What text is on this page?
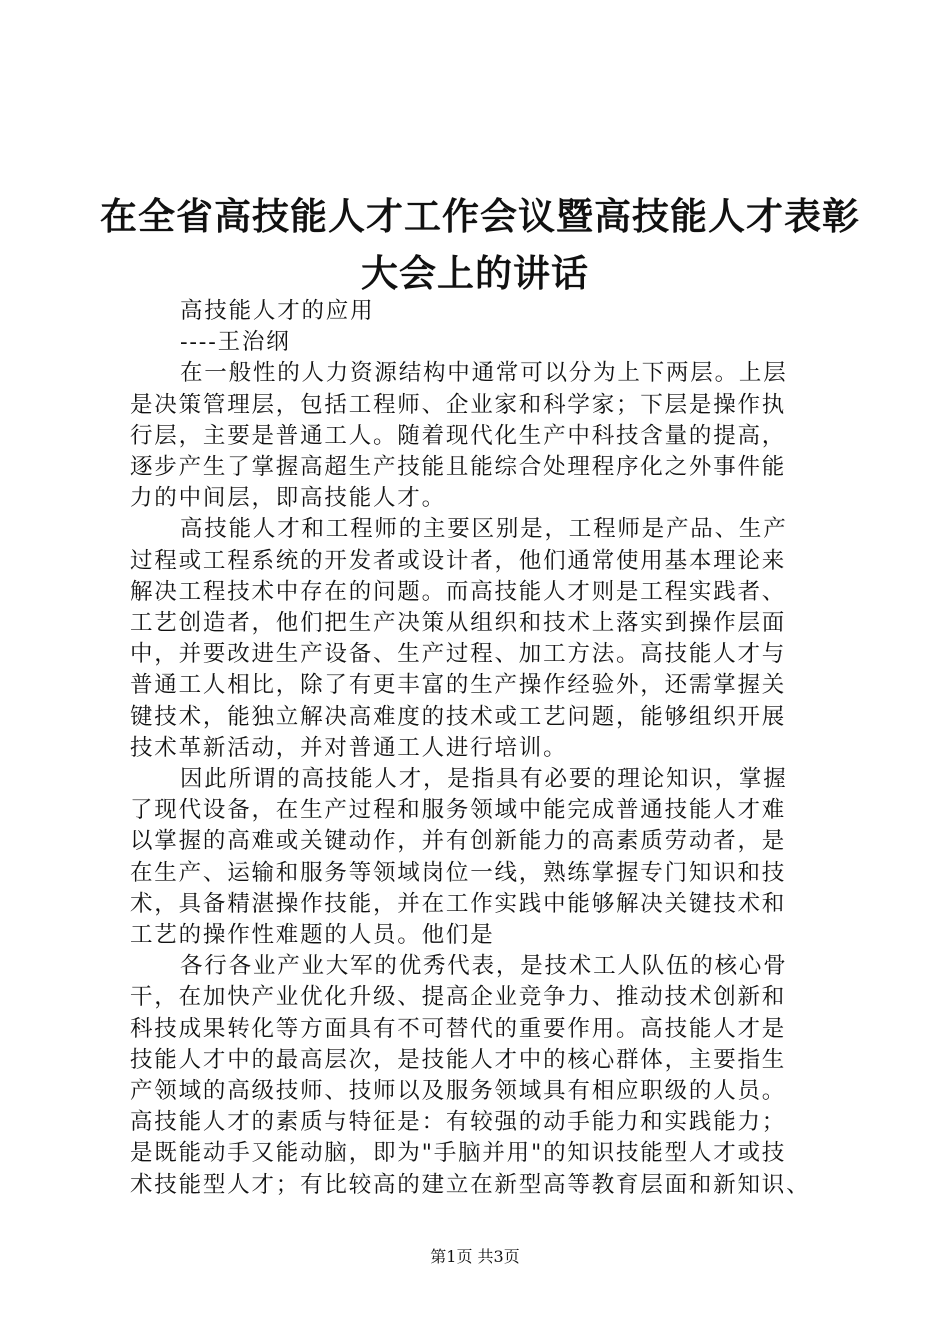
在全省高技能人才工作会议暨高技能人才表彰
大会上的讲话

高技能人才的应用

----王治纲

在一般性的人力资源结构中通常可以分为上下两层。上层

是决策管理层，包括工程师、企业家和科学家；下层是操作执

行层，主要是普通工人。随着现代化生产中科技含量的提高，

逐步产生了掌握高超生产技能且能综合处理程序化之外事件能

力的中间层，即高技能人才。

高技能人才和工程师的主要区别是，工程师是产品、生产

过程或工程系统的开发者或设计者，他们通常使用基本理论来

解决工程技术中存在的问题。而高技能人才则是工程实践者、

工艺创造者，他们把生产决策从组织和技术上落实到操作层面

中，并要改进生产设备、生产过程、加工方法。高技能人才与

普通工人相比，除了有更丰富的生产操作经验外，还需掌握关

键技术，能独立解决高难度的技术或工艺问题，能够组织开展

技术革新活动，并对普通工人进行培训。

因此所谓的高技能人才，是指具有必要的理论知识，掌握

了现代设备，在生产过程和服务领域中能完成普通技能人才难

以掌握的高难或关键动作，并有创新能力的高素质劳动者，是

在生产、运输和服务等领域岗位一线，熟练掌握专门知识和技

术，具备精湛操作技能，并在工作实践中能够解决关键技术和

工艺的操作性难题的人员。他们是

各行各业产业大军的优秀代表，是技术工人队伍的核心骨

干，在加快产业优化升级、提高企业竞争力、推动技术创新和

科技成果转化等方面具有不可替代的重要作用。高技能人才是

技能人才中的最高层次，是技能人才中的核心群体，主要指生

产领域的高级技师、技师以及服务领域具有相应职级的人员。

高技能人才的素质与特征是：有较强的动手能力和实践能力；

是既能动手又能动脑，即为"手脑并用"的知识技能型人才或技

术技能型人才；有比较高的建立在新型高等教育层面和新知识、

第1页 共3页
